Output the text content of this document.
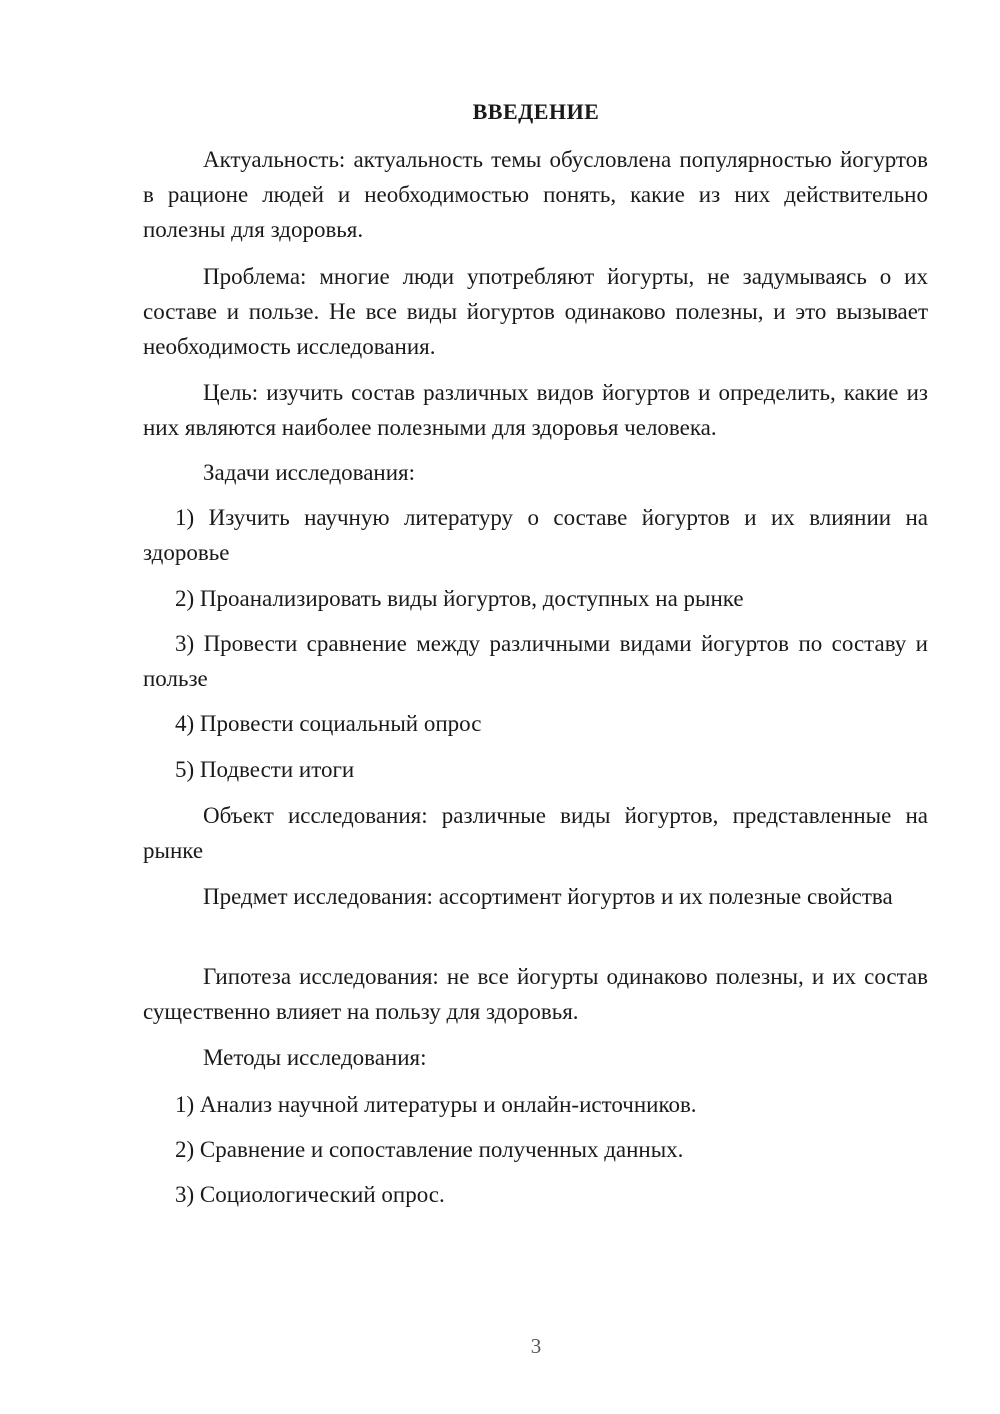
ВВЕДЕНИЕ

Актуальность: актуальность темы обусловлена популярностью йогуртов в рационе людей и необходимостью понять, какие из них действительно полезны для здоровья.

Проблема: многие люди употребляют йогурты, не задумываясь о их составе и пользе. Не все виды йогуртов одинаково полезны, и это вызывает необходимость исследования.

Цель: изучить состав различных видов йогуртов и определить, какие из них являются наиболее полезными для здоровья человека.

Задачи исследования:

1) Изучить научную литературу о составе йогуртов и их влиянии на здоровье

2) Проанализировать виды йогуртов, доступных на рынке

3) Провести сравнение между различными видами йогуртов по составу и пользе

4) Провести социальный опрос

5) Подвести итоги

Объект исследования: различные виды йогуртов, представленные на рынке

Предмет исследования: ассортимент йогуртов и их полезные свойства

Гипотеза исследования: не все йогурты одинаково полезны, и их состав существенно влияет на пользу для здоровья.

Методы исследования:

1) Анализ научной литературы и онлайн-источников.

2) Сравнение и сопоставление полученных данных.

3) Социологический опрос.

3
